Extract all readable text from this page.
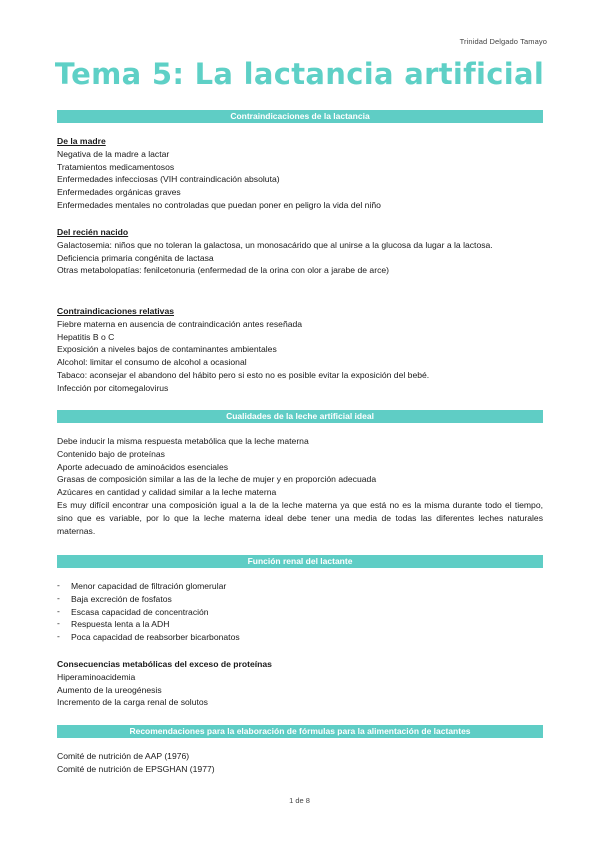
Trinidad Delgado Tamayo
Tema 5: La lactancia artificial
Contraindicaciones de la lactancia
De la madre
Negativa de la madre a lactar
Tratamientos medicamentosos
Enfermedades infecciosas (VIH contraindicación absoluta)
Enfermedades orgánicas graves
Enfermedades mentales no controladas que puedan poner en peligro la vida del niño
Del recién nacido
Galactosemia: niños que no toleran la galactosa, un monosacárido que al unirse a la glucosa da lugar a la lactosa.
Deficiencia primaria congénita de lactasa
Otras metabolopatías: fenilcetonuria (enfermedad de la orina con olor a jarabe de arce)
Contraindicaciones relativas
Fiebre materna en ausencia de contraindicación antes reseñada
Hepatitis B o C
Exposición a niveles bajos de contaminantes ambientales
Alcohol: limitar el consumo de alcohol a ocasional
Tabaco: aconsejar el abandono del hábito pero si esto no es posible evitar la exposición del bebé.
Infección por citomegalovirus
Cualidades de la leche artificial ideal
Debe inducir la misma respuesta metabólica que la leche materna
Contenido bajo de proteínas
Aporte adecuado de aminoácidos esenciales
Grasas de composición similar a las de la leche de mujer y en proporción adecuada
Azúcares en cantidad y calidad similar a la leche materna
Es muy difícil encontrar una composición igual a la de la leche materna ya que está no es la misma durante todo el tiempo, sino que es variable, por lo que la leche materna ideal debe tener una media de todas las diferentes leches naturales maternas.
Función renal del lactante
- Menor capacidad de filtración glomerular
- Baja excreción de fosfatos
- Escasa capacidad de concentración
- Respuesta lenta a la ADH
- Poca capacidad de reabsorber bicarbonatos
Consecuencias metabólicas del exceso de proteínas
Hiperaminoacidemia
Aumento de la ureogénesis
Incremento de la carga renal de solutos
Recomendaciones para la elaboración de fórmulas para la alimentación de lactantes
Comité de nutrición de AAP (1976)
Comité de nutrición de EPSGHAN (1977)
1 de 8
